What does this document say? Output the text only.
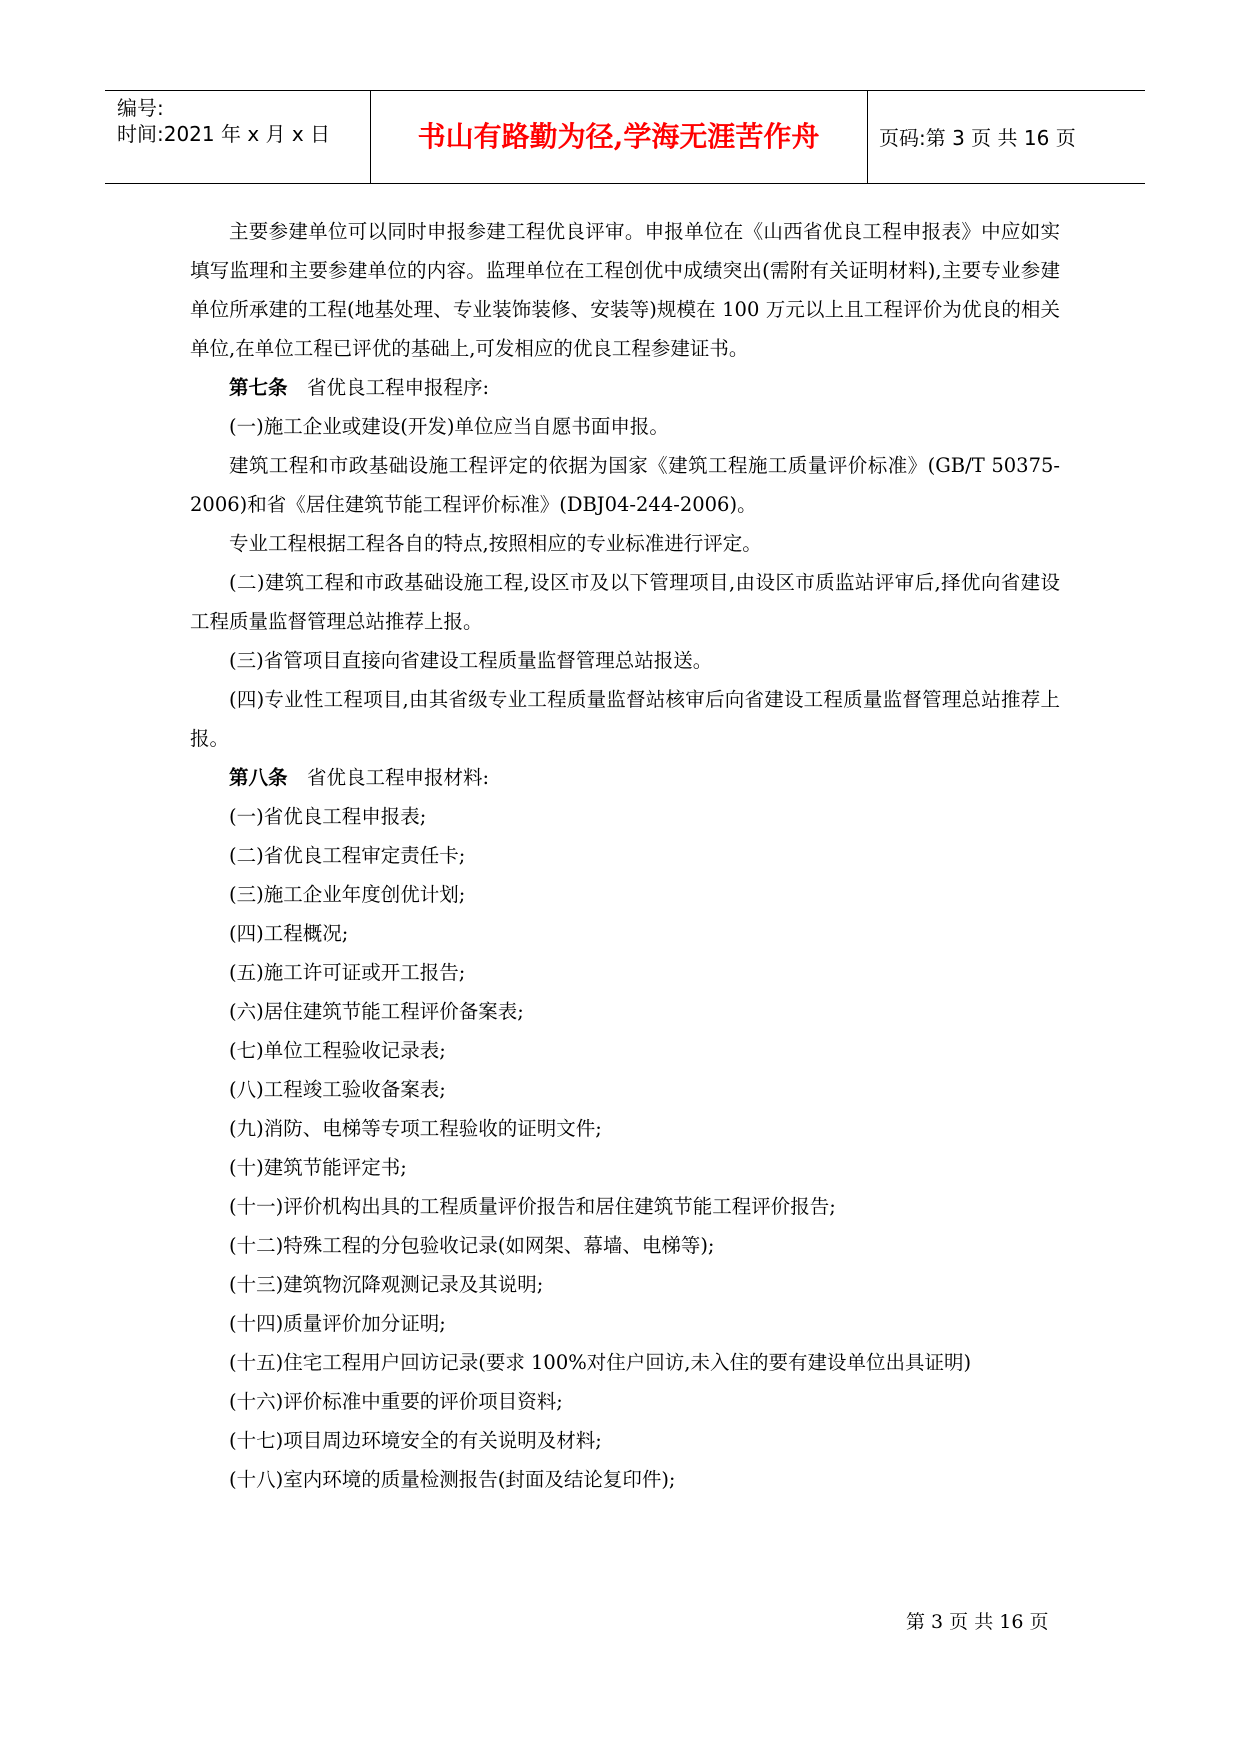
编号:
时间:2021 年 x 月 x 日	书山有路勤为径,学海无涯苦作舟	页码:第 3 页 共 16 页

主要参建单位可以同时申报参建工程优良评审。申报单位在《山西省优良工程申报表》中应如实填写监理和主要参建单位的内容。监理单位在工程创优中成绩突出(需附有关证明材料),主要专业参建单位所承建的工程(地基处理、专业装饰装修、安装等)规模在 100 万元以上且工程评价为优良的相关单位,在单位工程已评优的基础上,可发相应的优良工程参建证书。

第七条 省优良工程申报程序:

(一)施工企业或建设(开发)单位应当自愿书面申报。

建筑工程和市政基础设施工程评定的依据为国家《建筑工程施工质量评价标准》(GB/T 50375-2006)和省《居住建筑节能工程评价标准》(DBJ04-244-2006)。

专业工程根据工程各自的特点,按照相应的专业标准进行评定。

(二)建筑工程和市政基础设施工程,设区市及以下管理项目,由设区市质监站评审后,择优向省建设工程质量监督管理总站推荐上报。

(三)省管项目直接向省建设工程质量监督管理总站报送。

(四)专业性工程项目,由其省级专业工程质量监督站核审后向省建设工程质量监督管理总站推荐上报。

第八条 省优良工程申报材料:

(一)省优良工程申报表;

(二)省优良工程审定责任卡;

(三)施工企业年度创优计划;

(四)工程概况;

(五)施工许可证或开工报告;

(六)居住建筑节能工程评价备案表;

(七)单位工程验收记录表;

(八)工程竣工验收备案表;

(九)消防、电梯等专项工程验收的证明文件;

(十)建筑节能评定书;

(十一)评价机构出具的工程质量评价报告和居住建筑节能工程评价报告;

(十二)特殊工程的分包验收记录(如网架、幕墙、电梯等);

(十三)建筑物沉降观测记录及其说明;

(十四)质量评价加分证明;

(十五)住宅工程用户回访记录(要求 100%对住户回访,未入住的要有建设单位出具证明)

(十六)评价标准中重要的评价项目资料;

(十七)项目周边环境安全的有关说明及材料;

(十八)室内环境的质量检测报告(封面及结论复印件);

第 3 页 共 16 页
